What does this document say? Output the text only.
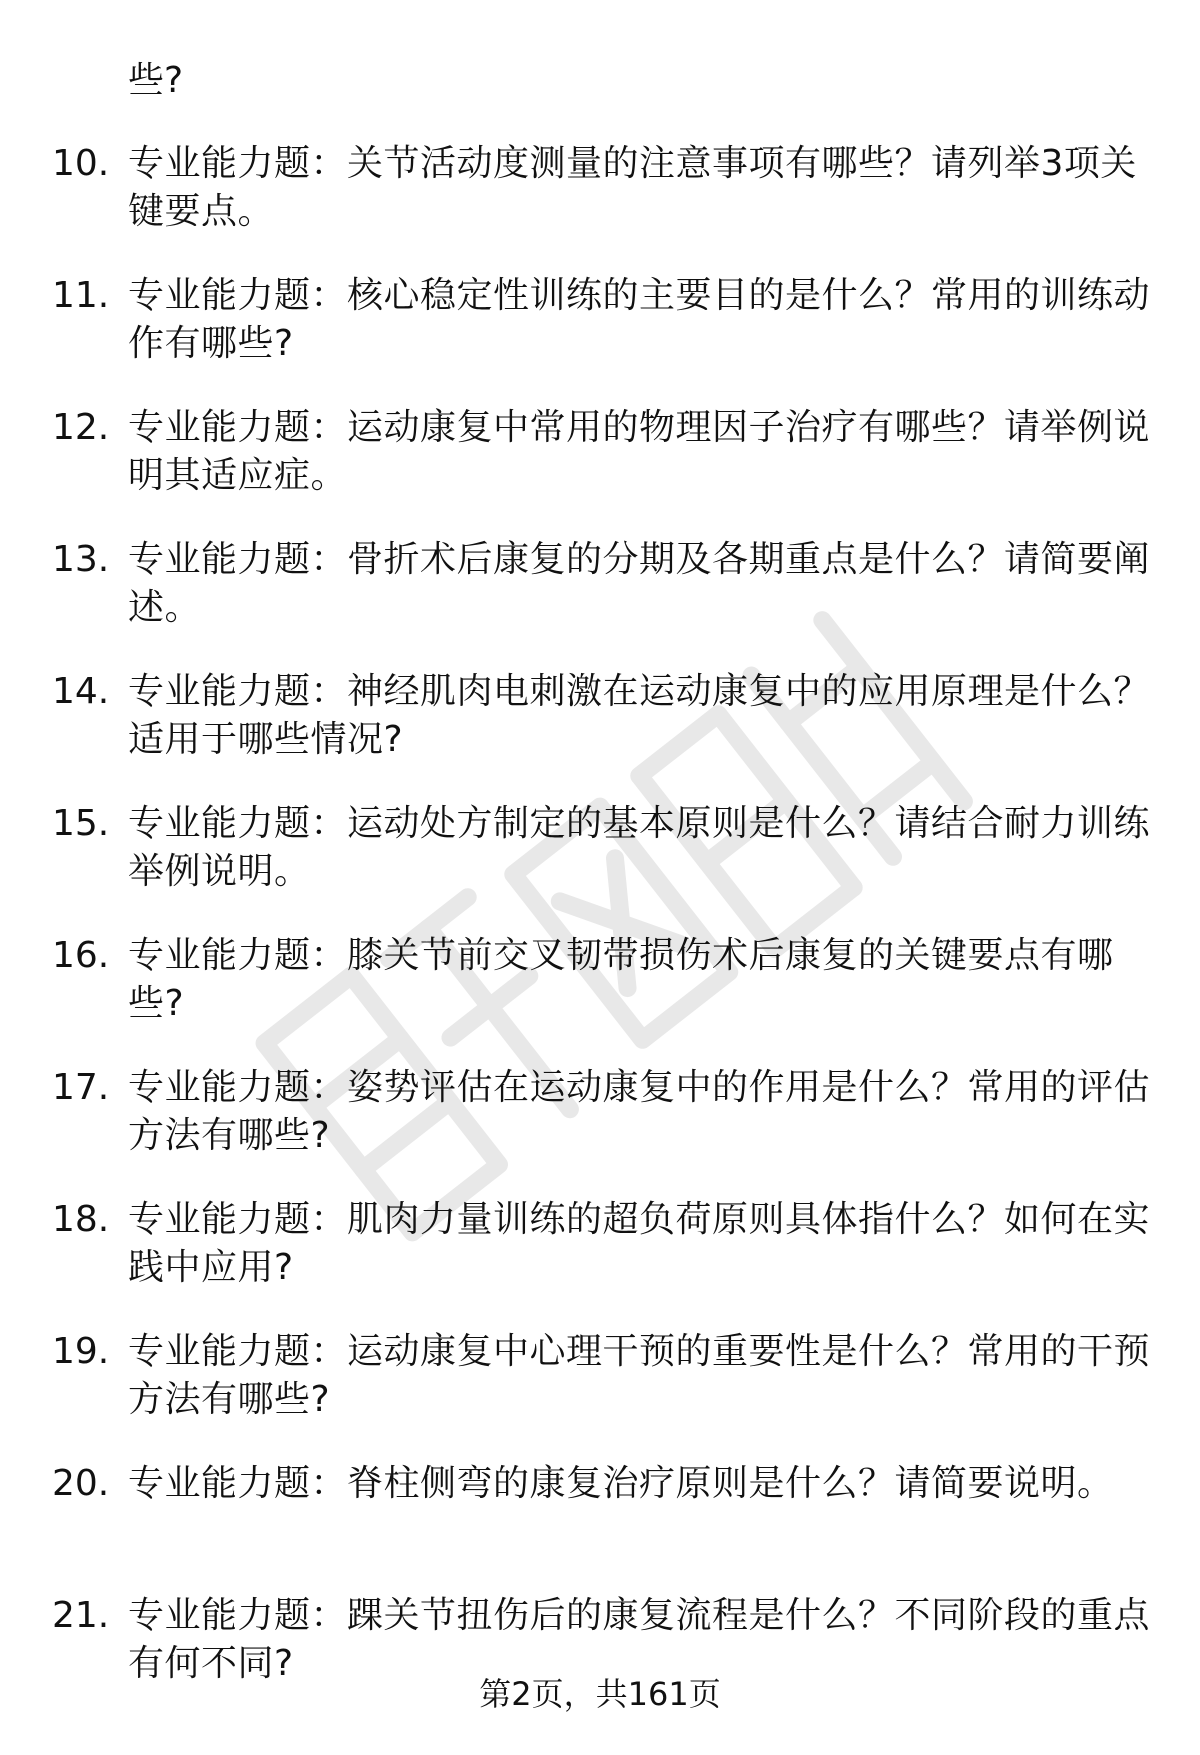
些?

10. 专业能力题：关节活动度测量的注意事项有哪些？请列举3项关键要点。

11. 专业能力题：核心稳定性训练的主要目的是什么？常用的训练动作有哪些?

12. 专业能力题：运动康复中常用的物理因子治疗有哪些？请举例说明其适应症。

13. 专业能力题：骨折术后康复的分期及各期重点是什么？请简要阐述。

14. 专业能力题：神经肌肉电刺激在运动康复中的应用原理是什么？适用于哪些情况?

15. 专业能力题：运动处方制定的基本原则是什么？请结合耐力训练举例说明。

16. 专业能力题：膝关节前交叉韧带损伤术后康复的关键要点有哪些?

17. 专业能力题：姿势评估在运动康复中的作用是什么？常用的评估方法有哪些?

18. 专业能力题：肌肉力量训练的超负荷原则具体指什么？如何在实践中应用?

19. 专业能力题：运动康复中心理干预的重要性是什么？常用的干预方法有哪些?

20. 专业能力题：脊柱侧弯的康复治疗原则是什么？请简要说明。

21. 专业能力题：踝关节扭伤后的康复流程是什么？不同阶段的重点有何不同?

第2页，共161页
